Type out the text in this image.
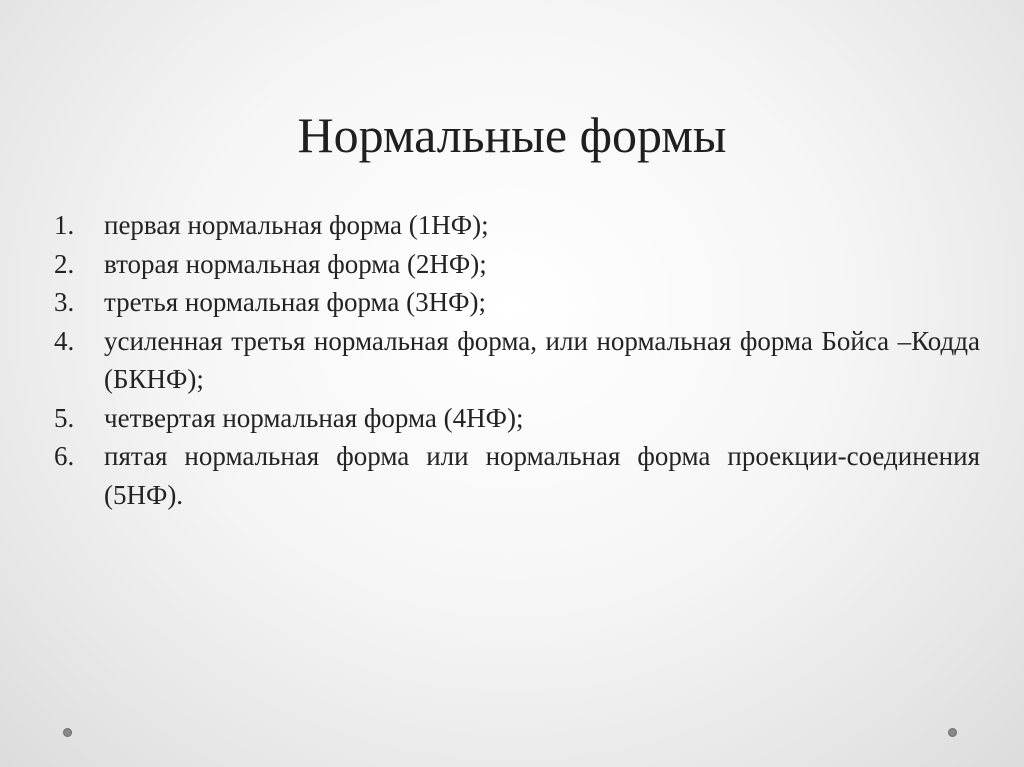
Нормальные формы
1.	первая нормальная форма (1НФ);
2.	вторая нормальная форма (2НФ);
3.	третья нормальная форма (3НФ);
4.	усиленная третья нормальная форма, или нормальная форма Бойса –Кодда (БКНФ);
5.	четвертая нормальная форма (4НФ);
6.	пятая нормальная форма или нормальная форма проекции-соединения (5НФ).
